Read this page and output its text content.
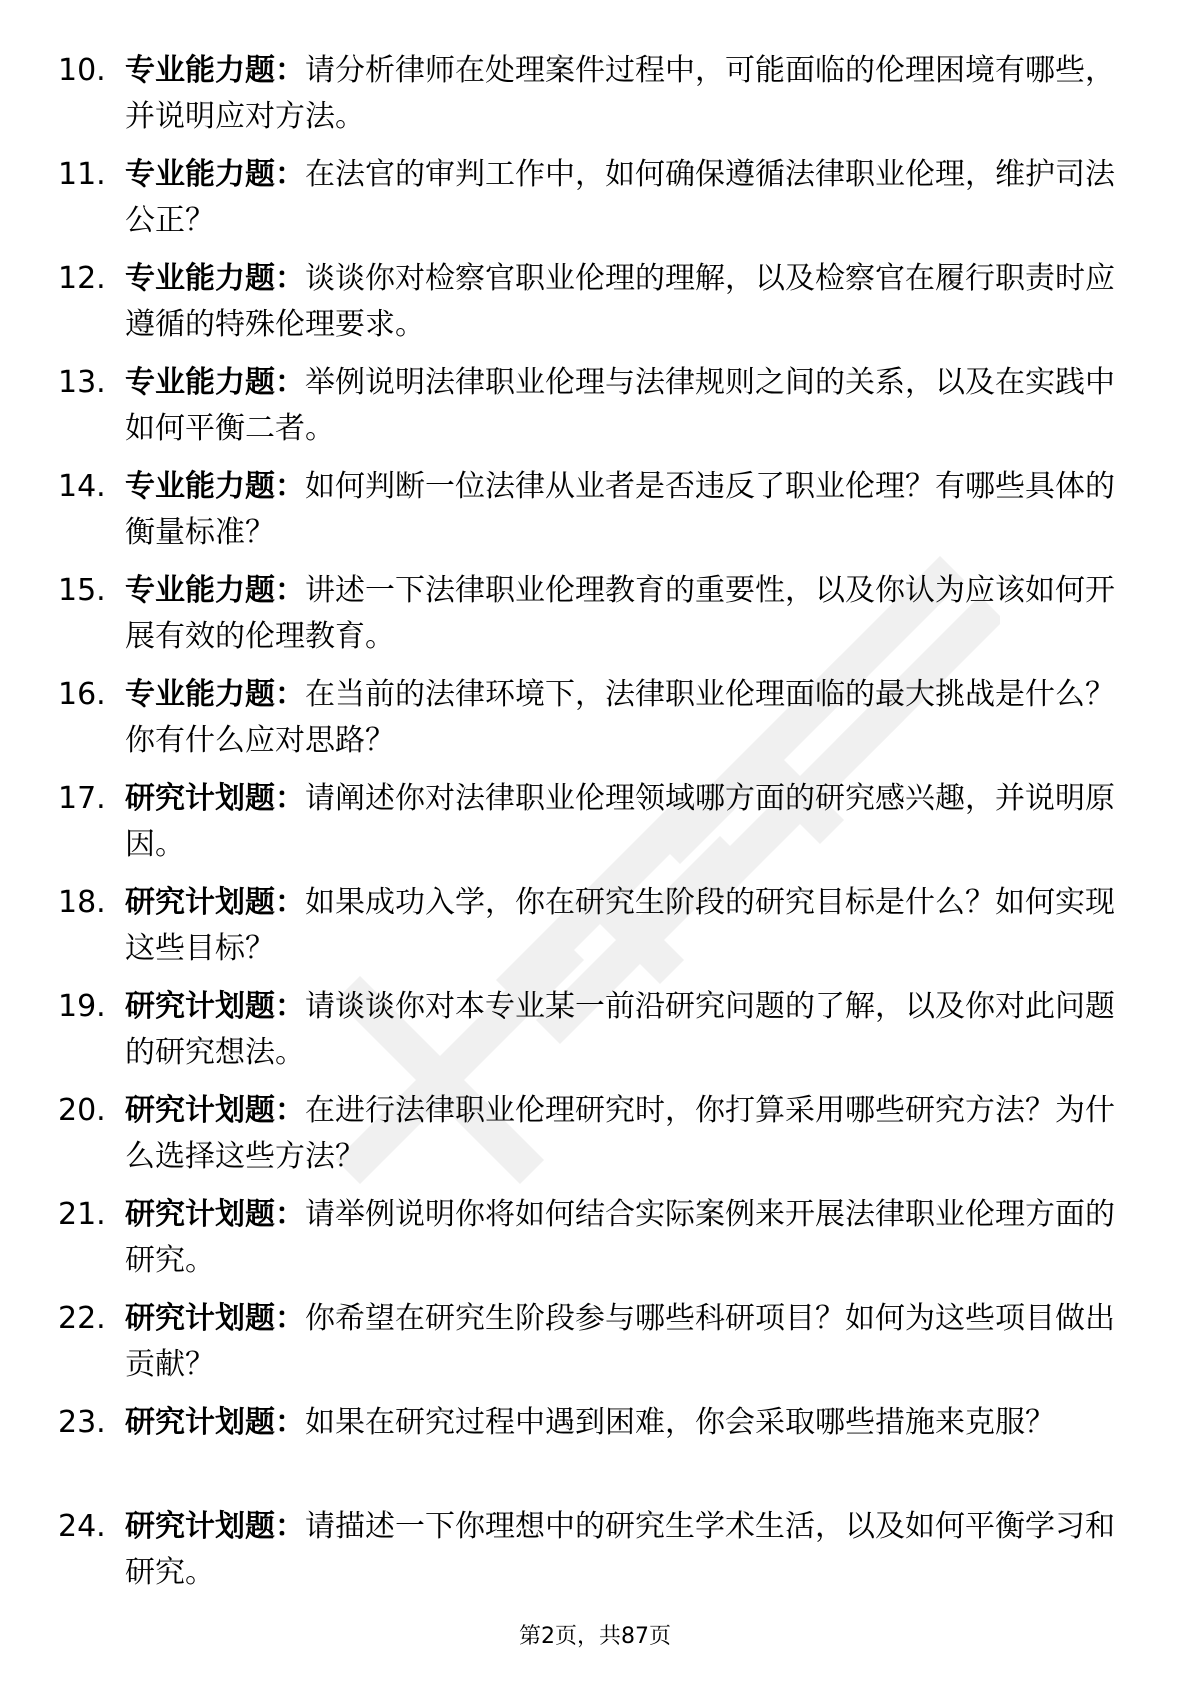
10. 专业能力题：请分析律师在处理案件过程中，可能面临的伦理困境有哪些，并说明应对方法。
11. 专业能力题：在法官的审判工作中，如何确保遵循法律职业伦理，维护司法公正？
12. 专业能力题：谈谈你对检察官职业伦理的理解，以及检察官在履行职责时应遵循的特殊伦理要求。
13. 专业能力题：举例说明法律职业伦理与法律规则之间的关系，以及在实践中如何平衡二者。
14. 专业能力题：如何判断一位法律从业者是否违反了职业伦理？有哪些具体的衡量标准？
15. 专业能力题：讲述一下法律职业伦理教育的重要性，以及你认为应该如何开展有效的伦理教育。
16. 专业能力题：在当前的法律环境下，法律职业伦理面临的最大挑战是什么？你有什么应对思路？
17. 研究计划题：请阐述你对法律职业伦理领域哪方面的研究感兴趣，并说明原因。
18. 研究计划题：如果成功入学，你在研究生阶段的研究目标是什么？如何实现这些目标？
19. 研究计划题：请谈谈你对本专业某一前沿研究问题的了解，以及你对此问题的研究想法。
20. 研究计划题：在进行法律职业伦理研究时，你打算采用哪些研究方法？为什么选择这些方法？
21. 研究计划题：请举例说明你将如何结合实际案例来开展法律职业伦理方面的研究。
22. 研究计划题：你希望在研究生阶段参与哪些科研项目？如何为这些项目做出贡献？
23. 研究计划题：如果在研究过程中遇到困难，你会采取哪些措施来克服？
24. 研究计划题：请描述一下你理想中的研究生学术生活，以及如何平衡学习和研究。
第2页，共87页
